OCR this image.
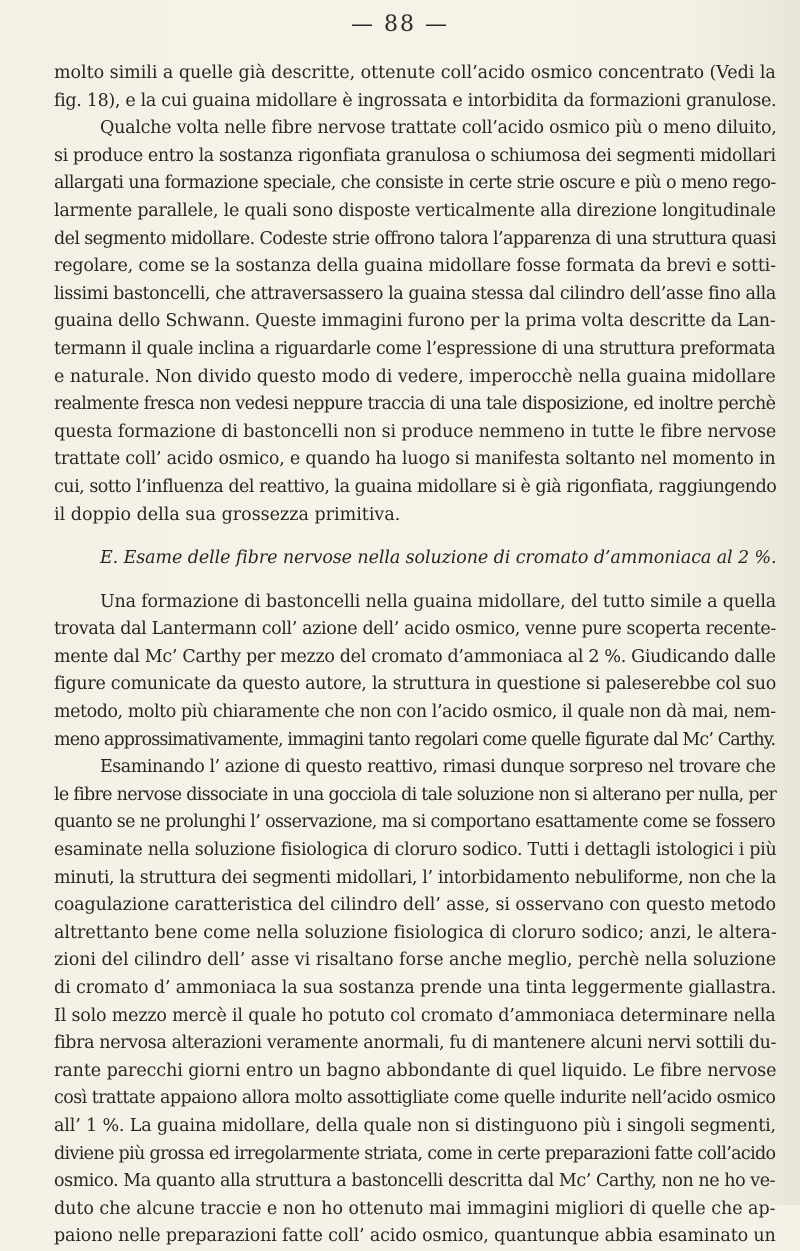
— 88 —
molto simili a quelle già descritte, ottenute coll’acido osmico concentrato (Vedi la
fig. 18), e la cui guaina midollare è ingrossata e intorbidita da formazioni granulose.
Qualche volta nelle fibre nervose trattate coll’acido osmico più o meno diluito,
si produce entro la sostanza rigonfiata granulosa o schiumosa dei segmenti midollari
allargati una formazione speciale, che consiste in certe strie oscure e più o meno rego-
larmente parallele, le quali sono disposte verticalmente alla direzione longitudinale
del segmento midollare. Codeste strie offrono talora l’apparenza di una struttura quasi
regolare, come se la sostanza della guaina midollare fosse formata da brevi e sotti-
lissimi bastoncelli, che attraversassero la guaina stessa dal cilindro dell’asse fino alla
guaina dello Schwann. Queste immagini furono per la prima volta descritte da Lan-
termann il quale inclina a riguardarle come l’espressione di una struttura preformata
e naturale. Non divido questo modo di vedere, imperocchè nella guaina midollare
realmente fresca non vedesi neppure traccia di una tale disposizione, ed inoltre perchè
questa formazione di bastoncelli non si produce nemmeno in tutte le fibre nervose
trattate coll’ acido osmico, e quando ha luogo si manifesta soltanto nel momento in
cui, sotto l’influenza del reattivo, la guaina midollare si è già rigonfiata, raggiungendo
il doppio della sua grossezza primitiva.
E. Esame delle fibre nervose nella soluzione di cromato d’ammoniaca al 2 %.
Una formazione di bastoncelli nella guaina midollare, del tutto simile a quella
trovata dal Lantermann coll’ azione dell’ acido osmico, venne pure scoperta recente-
mente dal Mc’ Carthy per mezzo del cromato d’ammoniaca al 2 %. Giudicando dalle
figure comunicate da questo autore, la struttura in questione si paleserebbe col suo
metodo, molto più chiaramente che non con l’acido osmico, il quale non dà mai, nem-
meno approssimativamente, immagini tanto regolari come quelle figurate dal Mc’ Carthy.
Esaminando l’ azione di questo reattivo, rimasi dunque sorpreso nel trovare che
le fibre nervose dissociate in una gocciola di tale soluzione non si alterano per nulla, per
quanto se ne prolunghi l’ osservazione, ma si comportano esattamente come se fossero
esaminate nella soluzione fisiologica di cloruro sodico. Tutti i dettagli istologici i più
minuti, la struttura dei segmenti midollari, l’ intorbidamento nebuliforme, non che la
coagulazione caratteristica del cilindro dell’ asse, si osservano con questo metodo
altrettanto bene come nella soluzione fisiologica di cloruro sodico; anzi, le altera-
zioni del cilindro dell’ asse vi risaltano forse anche meglio, perchè nella soluzione
di cromato d’ ammoniaca la sua sostanza prende una tinta leggermente giallastra.
Il solo mezzo mercè il quale ho potuto col cromato d’ammoniaca determinare nella
fibra nervosa alterazioni veramente anormali, fu di mantenere alcuni nervi sottili du-
rante parecchi giorni entro un bagno abbondante di quel liquido. Le fibre nervose
così trattate appaiono allora molto assottigliate come quelle indurite nell’acido osmico
all’ 1 %. La guaina midollare, della quale non si distinguono più i singoli segmenti,
diviene più grossa ed irregolarmente striata, come in certe preparazioni fatte coll’acido
osmico. Ma quanto alla struttura a bastoncelli descritta dal Mc’ Carthy, non ne ho ve-
duto che alcune traccie e non ho ottenuto mai immagini migliori di quelle che ap-
paiono nelle preparazioni fatte coll’ acido osmico, quantunque abbia esaminato un
